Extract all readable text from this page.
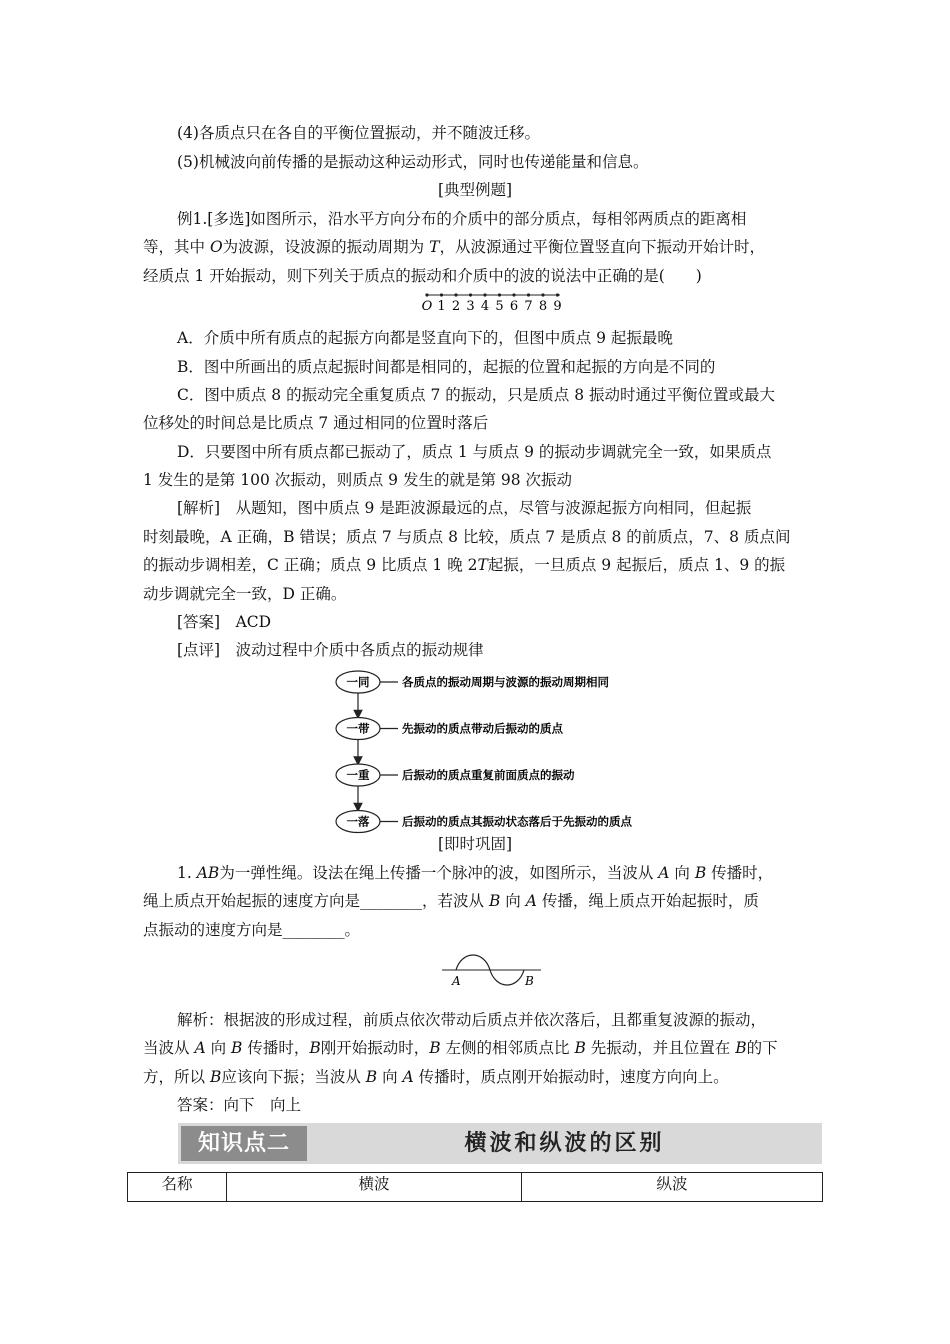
(4)各质点只在各自的平衡位置振动，并不随波迁移。
(5)机械波向前传播的是振动这种运动形式，同时也传递能量和信息。
[典型例题]
例1.[多选]如图所示，沿水平方向分布的介质中的部分质点，每相邻两质点的距离相
等，其中 O为波源，设波源的振动周期为 T，从波源通过平衡位置竖直向下振动开始计时，
经质点 1 开始振动，则下列关于质点的振动和介质中的波的说法中正确的是(　　)
O 1 2 3 4 5 6 7 8 9
A．介质中所有质点的起振方向都是竖直向下的，但图中质点 9 起振最晚
B．图中所画出的质点起振时间都是相同的，起振的位置和起振的方向是不同的
C．图中质点 8 的振动完全重复质点 7 的振动，只是质点 8 振动时通过平衡位置或最大
位移处的时间总是比质点 7 通过相同的位置时落后
D．只要图中所有质点都已振动了，质点 1 与质点 9 的振动步调就完全一致，如果质点
1 发生的是第 100 次振动，则质点 9 发生的就是第 98 次振动
[解析]　从题知，图中质点 9 是距波源最远的点，尽管与波源起振方向相同，但起振
时刻最晚，A 正确，B 错误；质点 7 与质点 8 比较，质点 7 是质点 8 的前质点，7、8 质点间
的振动步调相差，C 正确；质点 9 比质点 1 晚 2T起振，一旦质点 9 起振后，质点 1、9 的振
动步调就完全一致，D 正确。
[答案]　ACD
[点评]　波动过程中介质中各质点的振动规律
一同	各质点的振动周期与波源的振动周期相同
一带	先振动的质点带动后振动的质点
一重	后振动的质点重复前面质点的振动
一落	后振动的质点其振动状态落后于先振动的质点
[即时巩固]
1. AB为一弹性绳。设法在绳上传播一个脉冲的波，如图所示，当波从 A 向 B 传播时，
绳上质点开始起振的速度方向是________，若波从 B 向 A 传播，绳上质点开始起振时，质
点振动的速度方向是________。
A	B
解析：根据波的形成过程，前质点依次带动后质点并依次落后，且都重复波源的振动，
当波从 A 向 B 传播时，B刚开始振动时，B 左侧的相邻质点比 B 先振动，并且位置在 B的下
方，所以 B应该向下振；当波从 B 向 A 传播时，质点刚开始振动时，速度方向向上。
答案：向下　向上
知识点二	横波和纵波的区别
名称	横波	纵波
